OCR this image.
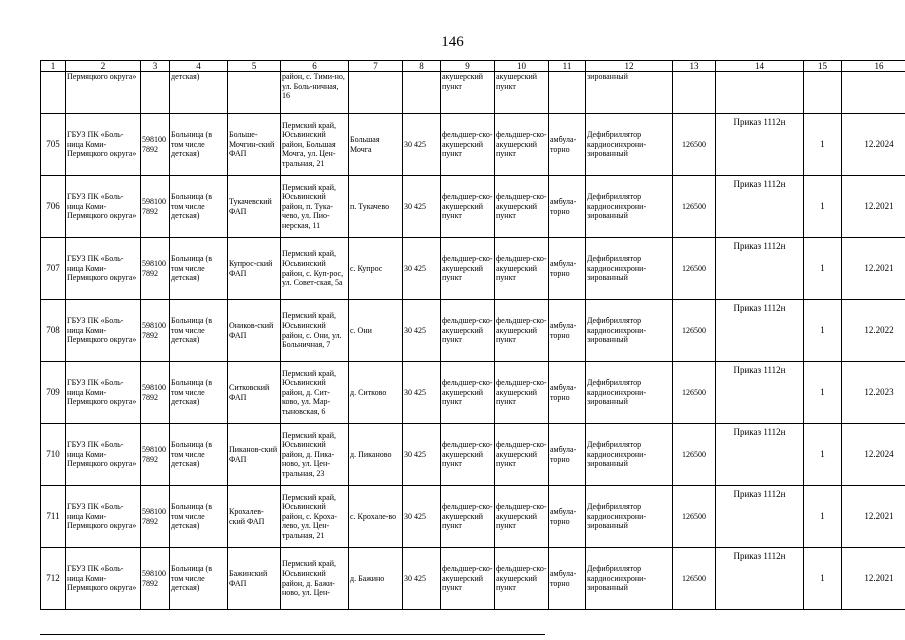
146
1	2	3	4	5	6	7	8	9	10	11	12	13	14	15	16
	Пермяцкого округа»		детская)		район, с. Тими-но, ул. Боль-ничная, 16			акушерский пункт	акушерский пункт		зированный				
705	ГБУЗ ПК «Боль-ница Коми-Пермяцкого округа»	598100 7892	Больница (в том числе детская)	Больше-Мочгин-ский ФАП	Пермский край, Юсьвинский район, Большая Мочга, ул. Цен-тральная, 21	Большая Мочга	30 425	фельдшер-ско-акушерский пункт	фельдшер-ско-акушерский пункт	амбула-торно	Дефибриллятор кардиосинхрони-зированный	126500	Приказ 1112н	1	12.2024
706	ГБУЗ ПК «Боль-ница Коми-Пермяцкого округа»	598100 7892	Больница (в том числе детская)	Тукачевский ФАП	Пермский край, Юсьвинский район, п. Тука-чево, ул. Пио-нерская, 11	п. Тукачево	30 425	фельдшер-ско-акушерский пункт	фельдшер-ско-акушерский пункт	амбула-торно	Дефибриллятор кардиосинхрони-зированный	126500	Приказ 1112н	1	12.2021
707	ГБУЗ ПК «Боль-ница Коми-Пермяцкого округа»	598100 7892	Больница (в том числе детская)	Купрос-ский ФАП	Пермский край, Юсьвинский район, с. Куп-рос, ул. Совет-ская, 5а	с. Купрос	30 425	фельдшер-ско-акушерский пункт	фельдшер-ско-акушерский пункт	амбула-торно	Дефибриллятор кардиосинхрони-зированный	126500	Приказ 1112н	1	12.2021
708	ГБУЗ ПК «Боль-ница Коми-Пермяцкого округа»	598100 7892	Больница (в том числе детская)	Оников-ский ФАП	Пермский край, Юсьвинский район, с. Они, ул. Больничная, 7	с. Они	30 425	фельдшер-ско-акушерский пункт	фельдшер-ско-акушерский пункт	амбула-торно	Дефибриллятор кардиосинхрони-зированный	126500	Приказ 1112н	1	12.2022
709	ГБУЗ ПК «Боль-ница Коми-Пермяцкого округа»	598100 7892	Больница (в том числе детская)	Ситковский ФАП	Пермский край, Юсьвинский район, д. Сит-ково, ул. Мар-тыновская, 6	д. Ситково	30 425	фельдшер-ско-акушерский пункт	фельдшер-ско-акушерский пункт	амбула-торно	Дефибриллятор кардиосинхрони-зированный	126500	Приказ 1112н	1	12.2023
710	ГБУЗ ПК «Боль-ница Коми-Пермяцкого округа»	598100 7892	Больница (в том числе детская)	Пиканов-ский ФАП	Пермский край, Юсьвинский район, д. Пика-ново, ул. Цен-тральная, 23	д. Пиканово	30 425	фельдшер-ско-акушерский пункт	фельдшер-ско-акушерский пункт	амбула-торно	Дефибриллятор кардиосинхрони-зированный	126500	Приказ 1112н	1	12.2024
711	ГБУЗ ПК «Боль-ница Коми-Пермяцкого округа»	598100 7892	Больница (в том числе детская)	Крохалев-ский ФАП	Пермский край, Юсьвинский район, с. Кроха-лево, ул. Цен-тральная, 21	с. Крохале-во	30 425	фельдшер-ско-акушерский пункт	фельдшер-ско-акушерский пункт	амбула-торно	Дефибриллятор кардиосинхрони-зированный	126500	Приказ 1112н	1	12.2021
712	ГБУЗ ПК «Боль-ница Коми-Пермяцкого округа»	598100 7892	Больница (в том числе детская)	Бажинский ФАП	Пермский край, Юсьвинский район, д. Бажи-ново, ул. Цен-	д. Бажино	30 425	фельдшер-ско-акушерский пункт	фельдшер-ско-акушерский пункт	амбула-торно	Дефибриллятор кардиосинхрони-зированный	126500	Приказ 1112н	1	12.2021
